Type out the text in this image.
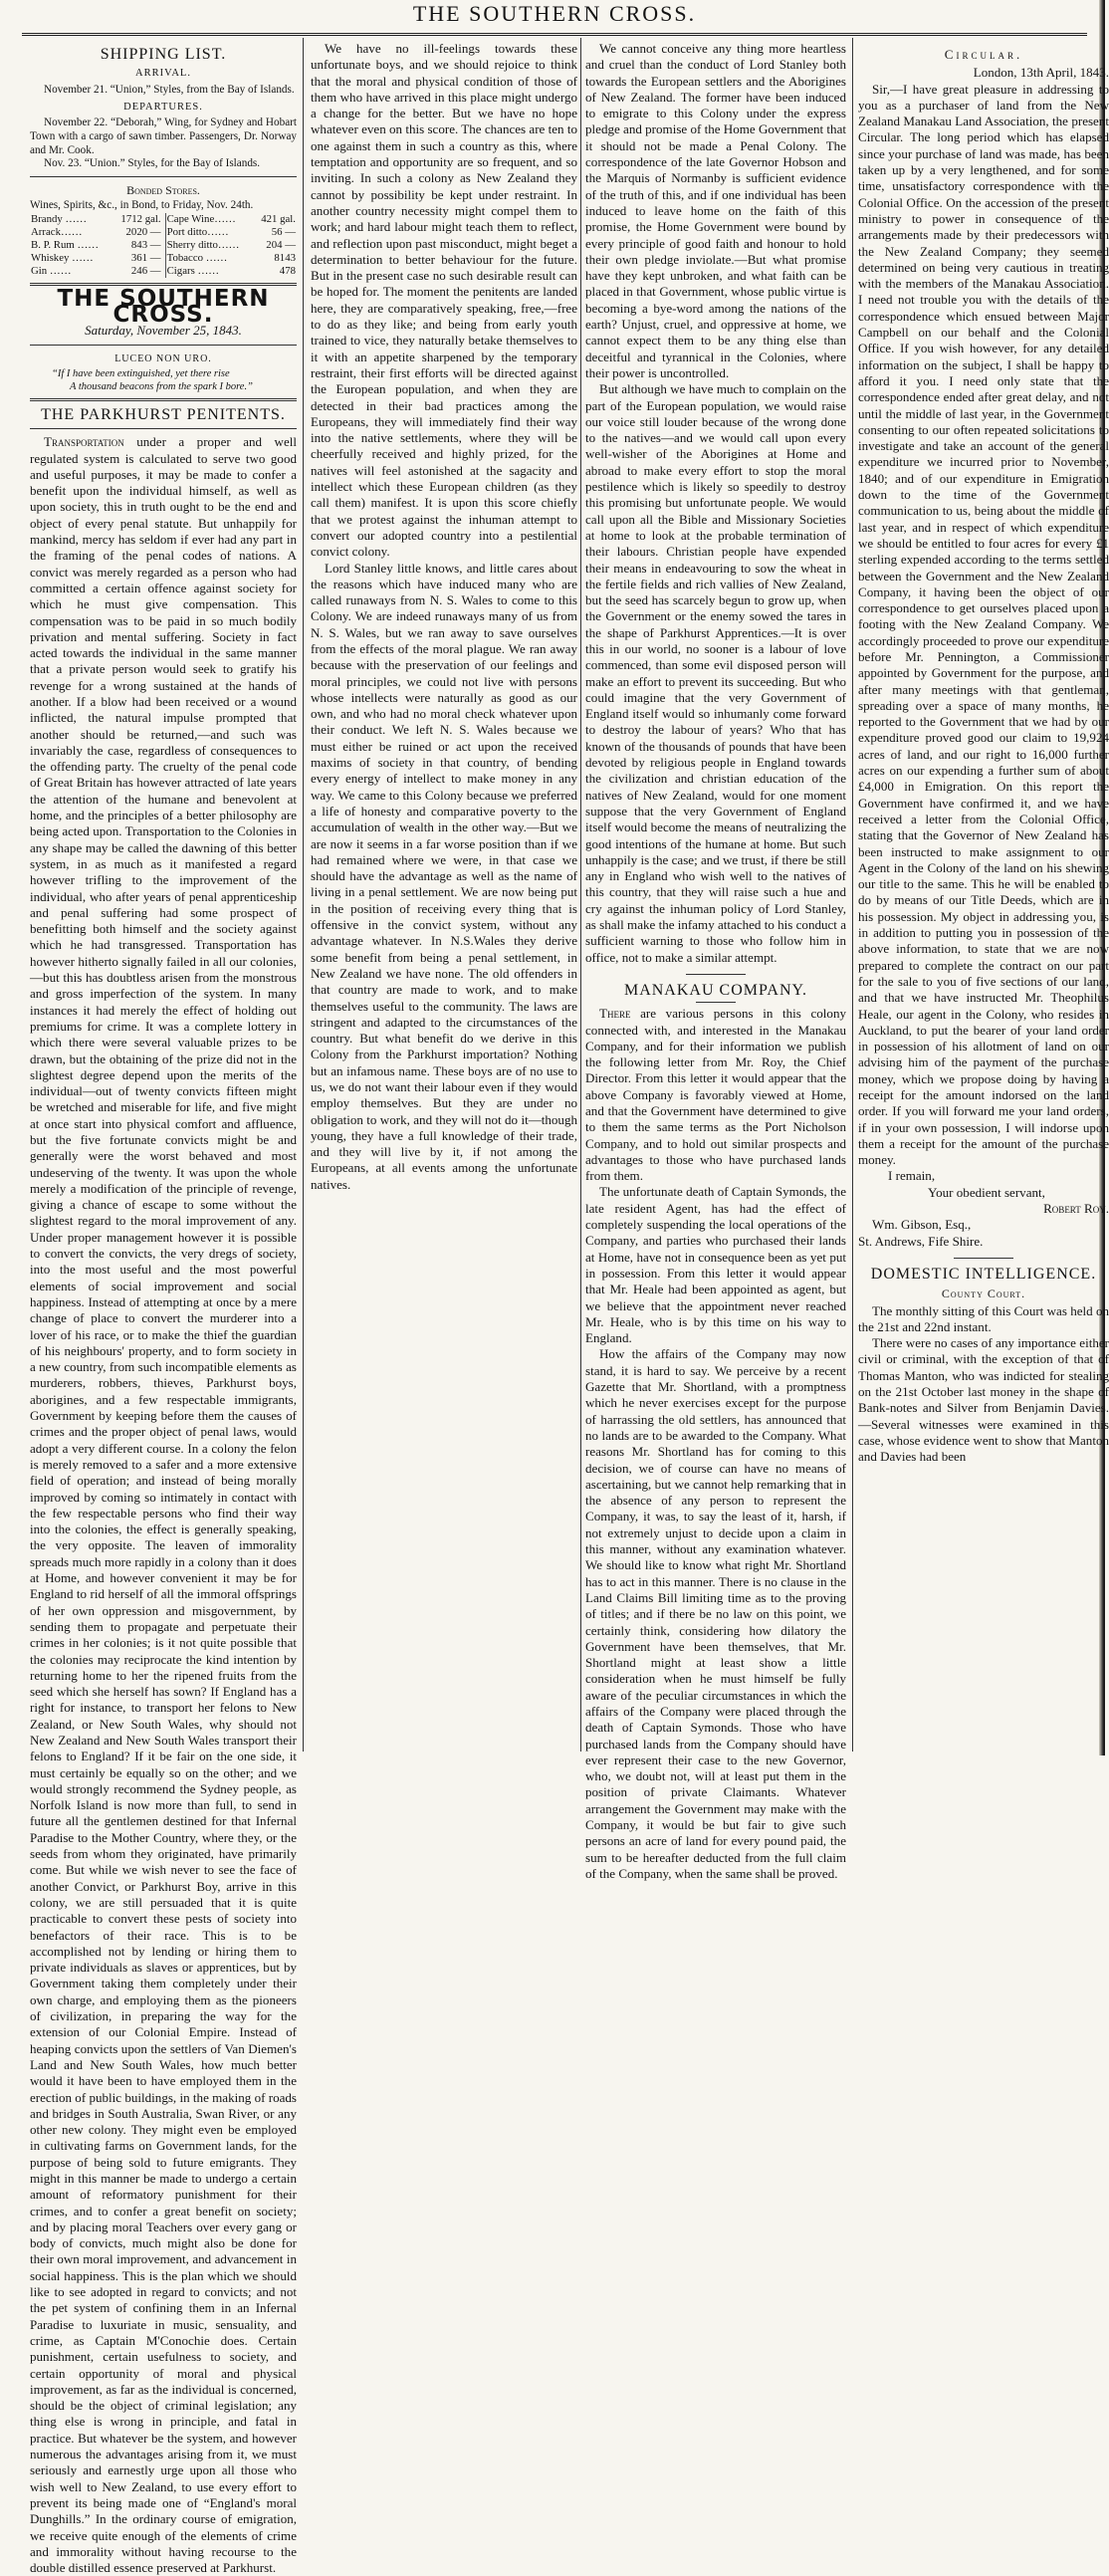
THE SOUTHERN CROSS.
SHIPPING LIST.
ARRIVAL.

November 21. “Union,” Styles, from the Bay of Islands.

DEPARTURES.

November 22. “Deborah,” Wing, for Sydney and Hobart Town with a cargo of sawn timber. Passengers, Dr. Norway and Mr. Cook.

Nov. 23. “Union.” Styles, for the Bay of Islands.

Bonded Stores.

Wines, Spirits, &c., in Bond, to Friday, Nov. 24th.

Brandy ……	1712 gal.	Cape Wine……	421 gal.
Arrack……	2020 —	Port ditto……	56 —
B. P. Rum ……	843 —	Sherry ditto……	204 —
Whiskey ……	361 —	Tobacco ……	8143
Gin ……	246 —	Cigars ……	478
THE SOUTHERN CROSS.
Saturday, November 25, 1843.
LUCEO NON URO.
“If I have been extinguished, yet there rise
A thousand beacons from the spark I bore.”
THE PARKHURST PENITENTS.

Transportation under a proper and well regulated system is calculated to serve two good and useful purposes, it may be made to confer a benefit upon the individual himself, as well as upon society, this in truth ought to be the end and object of every penal statute. But unhappily for mankind, mercy has seldom if ever had any part in the framing of the penal codes of nations. A convict was merely regarded as a person who had committed a certain offence against society for which he must give compensation. This compensation was to be paid in so much bodily privation and mental suffering. Society in fact acted towards the individual in the same manner that a private person would seek to gratify his revenge for a wrong sustained at the hands of another. If a blow had been received or a wound inflicted, the natural impulse prompted that another should be returned,—and such was invariably the case, regardless of consequences to the offending party. The cruelty of the penal code of Great Britain has however attracted of late years the attention of the humane and benevolent at home, and the principles of a better philosophy are being acted upon. Transportation to the Colonies in any shape may be called the dawning of this better system, in as much as it manifested a regard however trifling to the improvement of the individual, who after years of penal apprenticeship and penal suffering had some prospect of benefitting both himself and the society against which he had transgressed. Transportation has however hitherto signally failed in all our colonies,—but this has doubtless arisen from the monstrous and gross imperfection of the system. In many instances it had merely the effect of holding out premiums for crime. It was a complete lottery in which there were several valuable prizes to be drawn, but the obtaining of the prize did not in the slightest degree depend upon the merits of the individual—out of twenty convicts fifteen might be wretched and miserable for life, and five might at once start into physical comfort and affluence, but the five fortunate convicts might be and generally were the worst behaved and most undeserving of the twenty. It was upon the whole merely a modification of the principle of revenge, giving a chance of escape to some without the slightest regard to the moral improvement of any. Under proper management however it is possible to convert the convicts, the very dregs of society, into the most useful and the most powerful elements of social improvement and social happiness. Instead of attempting at once by a mere change of place to convert the murderer into a lover of his race, or to make the thief the guardian of his neighbours' property, and to form society in a new country, from such incompatible elements as murderers, robbers, thieves, Parkhurst boys, aborigines, and a few respectable immigrants, Government by keeping before them the causes of crimes and the proper object of penal laws, would adopt a very different course. In a colony the felon is merely removed to a safer and a more extensive field of operation; and instead of being morally improved by coming so intimately in contact with the few respectable persons who find their way into the colonies, the effect is generally speaking, the very opposite. The leaven of immorality spreads much more rapidly in a colony than it does at Home, and however convenient it may be for England to rid herself of all the immoral offsprings of her own oppression and misgovernment, by sending them to propagate and perpetuate their crimes in her colonies; is it not quite possible that the colonies may reciprocate the kind intention by returning home to her the ripened fruits from the seed which she herself has sown? If England has a right for instance, to transport her felons to New Zealand, or New South Wales, why should not New Zealand and New South Wales transport their felons to England? If it be fair on the one side, it must certainly be equally so on the other; and we would strongly recommend the Sydney people, as Norfolk Island is now more than full, to send in future all the gentlemen destined for that Infernal Paradise to the Mother Country, where they, or the seeds from whom they originated, have primarily come. But while we wish never to see the face of another Convict, or Parkhurst Boy, arrive in this colony, we are still persuaded that it is quite practicable to convert these pests of society into benefactors of their race. This is to be accomplished not by lending or hiring them to private individuals as slaves or apprentices, but by Government taking them completely under their own charge, and employing them as the pioneers of civilization, in preparing the way for the extension of our Colonial Empire. Instead of heaping convicts upon the settlers of Van Diemen's Land and New South Wales, how much better would it have been to have employed them in the erection of public buildings, in the making of roads and bridges in South Australia, Swan River, or any other new colony. They might even be employed in cultivating farms on Government lands, for the purpose of being sold to future emigrants. They might in this manner be made to undergo a certain amount of reformatory punishment for their crimes, and to confer a great benefit on society; and by placing moral Teachers over every gang or body of convicts, much might also be done for their own moral improvement, and advancement in social happiness. This is the plan which we should like to see adopted in regard to convicts; and not the pet system of confining them in an Infernal Paradise to luxuriate in music, sensuality, and crime, as Captain M'Conochie does. Certain punishment, certain usefulness to society, and certain opportunity of moral and physical improvement, as far as the individual is concerned, should be the object of criminal legislation; any thing else is wrong in principle, and fatal in practice. But whatever be the system, and however numerous the advantages arising from it, we must seriously and earnestly urge upon all those who wish well to New Zealand, to use every effort to prevent its being made one of “England's moral Dunghills.” In the ordinary course of emigration, we receive quite enough of the elements of crime and immorality without having recourse to the double distilled essence preserved at Parkhurst.

We have no ill-feelings towards these unfortunate boys, and we should rejoice to think that the moral and physical condition of those of them who have arrived in this place might undergo a change for the better. But we have no hope whatever even on this score. The chances are ten to one against them in such a country as this, where temptation and opportunity are so frequent, and so inviting. In such a colony as New Zealand they cannot by possibility be kept under restraint. In another country necessity might compel them to work; and hard labour might teach them to reflect, and reflection upon past misconduct, might beget a determination to better behaviour for the future. But in the present case no such desirable result can be hoped for. The moment the penitents are landed here, they are comparatively speaking, free,—free to do as they like; and being from early youth trained to vice, they naturally betake themselves to it with an appetite sharpened by the temporary restraint, their first efforts will be directed against the European population, and when they are detected in their bad practices among the Europeans, they will immediately find their way into the native settlements, where they will be cheerfully received and highly prized, for the natives will feel astonished at the sagacity and intellect which these European children (as they call them) manifest. It is upon this score chiefly that we protest against the inhuman attempt to convert our adopted country into a pestilential convict colony.

Lord Stanley little knows, and little cares about the reasons which have induced many who are called runaways from N. S. Wales to come to this Colony. We are indeed runaways many of us from N. S. Wales, but we ran away to save ourselves from the effects of the moral plague. We ran away because with the preservation of our feelings and moral principles, we could not live with persons whose intellects were naturally as good as our own, and who had no moral check whatever upon their conduct. We left N. S. Wales because we must either be ruined or act upon the received maxims of society in that country, of bending every energy of intellect to make money in any way. We came to this Colony because we preferred a life of honesty and comparative poverty to the accumulation of wealth in the other way.—But we are now it seems in a far worse position than if we had remained where we were, in that case we should have the advantage as well as the name of living in a penal settlement. We are now being put in the position of receiving every thing that is offensive in the convict system, without any advantage whatever. In N.S.Wales they derive some benefit from being a penal settlement, in New Zealand we have none. The old offenders in that country are made to work, and to make themselves useful to the community. The laws are stringent and adapted to the circumstances of the country. But what benefit do we derive in this Colony from the Parkhurst importation? Nothing but an infamous name. These boys are of no use to us, we do not want their labour even if they would employ themselves. But they are under no obligation to work, and they will not do it—though young, they have a full knowledge of their trade, and they will live by it, if not among the Europeans, at all events among the unfortunate natives.

We cannot conceive any thing more heartless and cruel than the conduct of Lord Stanley both towards the European settlers and the Aborigines of New Zealand. The former have been induced to emigrate to this Colony under the express pledge and promise of the Home Government that it should not be made a Penal Colony. The correspondence of the late Governor Hobson and the Marquis of Normanby is sufficient evidence of the truth of this, and if one individual has been induced to leave home on the faith of this promise, the Home Government were bound by every principle of good faith and honour to hold their own pledge inviolate.—But what promise have they kept unbroken, and what faith can be placed in that Government, whose public virtue is becoming a bye-word among the nations of the earth? Unjust, cruel, and oppressive at home, we cannot expect them to be any thing else than deceitful and tyrannical in the Colonies, where their power is uncontrolled.

But although we have much to complain on the part of the European population, we would raise our voice still louder because of the wrong done to the natives—and we would call upon every well-wisher of the Aborigines at Home and abroad to make every effort to stop the moral pestilence which is likely so speedily to destroy this promising but unfortunate people. We would call upon all the Bible and Missionary Societies at home to look at the probable termination of their labours. Christian people have expended their means in endeavouring to sow the wheat in the fertile fields and rich vallies of New Zealand, but the seed has scarcely begun to grow up, when the Government or the enemy sowed the tares in the shape of Parkhurst Apprentices.—It is over this in our world, no sooner is a labour of love commenced, than some evil disposed person will make an effort to prevent its succeeding. But who could imagine that the very Government of England itself would so inhumanly come forward to destroy the labour of years? Who that has known of the thousands of pounds that have been devoted by religious people in England towards the civilization and christian education of the natives of New Zealand, would for one moment suppose that the very Government of England itself would become the means of neutralizing the good intentions of the humane at home. But such unhappily is the case; and we trust, if there be still any in England who wish well to the natives of this country, that they will raise such a hue and cry against the inhuman policy of Lord Stanley, as shall make the infamy attached to his conduct a sufficient warning to those who follow him in office, not to make a similar attempt.

MANAKAU COMPANY.

There are various persons in this colony connected with, and interested in the Manakau Company, and for their information we publish the following letter from Mr. Roy, the Chief Director. From this letter it would appear that the above Company is favorably viewed at Home, and that the Government have determined to give to them the same terms as the Port Nicholson Company, and to hold out similar prospects and advantages to those who have purchased lands from them.

The unfortunate death of Captain Symonds, the late resident Agent, has had the effect of completely suspending the local operations of the Company, and parties who purchased their lands at Home, have not in consequence been as yet put in possession. From this letter it would appear that Mr. Heale had been appointed as agent, but we believe that the appointment never reached Mr. Heale, who is by this time on his way to England.

How the affairs of the Company may now stand, it is hard to say. We perceive by a recent Gazette that Mr. Shortland, with a promptness which he never exercises except for the purpose of harrassing the old settlers, has announced that no lands are to be awarded to the Company. What reasons Mr. Shortland has for coming to this decision, we of course can have no means of ascertaining, but we cannot help remarking that in the absence of any person to represent the Company, it was, to say the least of it, harsh, if not extremely unjust to decide upon a claim in this manner, without any examination whatever. We should like to know what right Mr. Shortland has to act in this manner. There is no clause in the Land Claims Bill limiting time as to the proving of titles; and if there be no law on this point, we certainly think, considering how dilatory the Government have been themselves, that Mr. Shortland might at least show a little consideration when he must himself be fully aware of the peculiar circumstances in which the affairs of the Company were placed through the death of Captain Symonds. Those who have purchased lands from the Company should have ever represent their case to the new Governor, who, we doubt not, will at least put them in the position of private Claimants. Whatever arrangement the Government may make with the Company, it would be but fair to give such persons an acre of land for every pound paid, the sum to be hereafter deducted from the full claim of the Company, when the same shall be proved.

Circular.

London, 13th April, 1843.

Sir,—I have great pleasure in addressing to you as a purchaser of land from the New Zealand Manakau Land Association, the present Circular. The long period which has elapsed since your purchase of land was made, has been taken up by a very lengthened, and for some time, unsatisfactory correspondence with the Colonial Office. On the accession of the present ministry to power in consequence of the arrangements made by their predecessors with the New Zealand Company; they seemed determined on being very cautious in treating with the members of the Manakau Association. I need not trouble you with the details of the correspondence which ensued between Major Campbell on our behalf and the Colonial Office. If you wish however, for any detailed information on the subject, I shall be happy to afford it you. I need only state that the correspondence ended after great delay, and not until the middle of last year, in the Government consenting to our often repeated solicitations to investigate and take an account of the general expenditure we incurred prior to November, 1840; and of our expenditure in Emigration down to the time of the Government communication to us, being about the middle of last year, and in respect of which expenditure we should be entitled to four acres for every £1 sterling expended according to the terms settled between the Government and the New Zealand Company, it having been the object of our correspondence to get ourselves placed upon a footing with the New Zealand Company. We accordingly proceeded to prove our expenditure before Mr. Pennington, a Commissioner appointed by Government for the purpose, and after many meetings with that gentleman, spreading over a space of many months, he reported to the Government that we had by our expenditure proved good our claim to 19,924 acres of land, and our right to 16,000 further acres on our expending a further sum of about £4,000 in Emigration. On this report the Government have confirmed it, and we have received a letter from the Colonial Office, stating that the Governor of New Zealand has been instructed to make assignment to our Agent in the Colony of the land on his shewing our title to the same. This he will be enabled to do by means of our Title Deeds, which are in his possession. My object in addressing you, is in addition to putting you in possession of the above information, to state that we are now prepared to complete the contract on our part for the sale to you of five sections of our land, and that we have instructed Mr. Theophilus Heale, our agent in the Colony, who resides in Auckland, to put the bearer of your land order in possession of his allotment of land on our advising him of the payment of the purchase money, which we propose doing by having a receipt for the amount indorsed on the land order. If you will forward me your land orders, if in your own possession, I will indorse upon them a receipt for the amount of the purchase money.

I remain,

Your obedient servant,

Robert Roy.

Wm. Gibson, Esq.,

St. Andrews, Fife Shire.

DOMESTIC INTELLIGENCE.
County Court.

The monthly sitting of this Court was held on the 21st and 22nd instant.

There were no cases of any importance either civil or criminal, with the exception of that of Thomas Manton, who was indicted for stealing on the 21st October last money in the shape of Bank-notes and Silver from Benjamin Davies.—Several witnesses were examined in this case, whose evidence went to show that Manton and Davies had been
